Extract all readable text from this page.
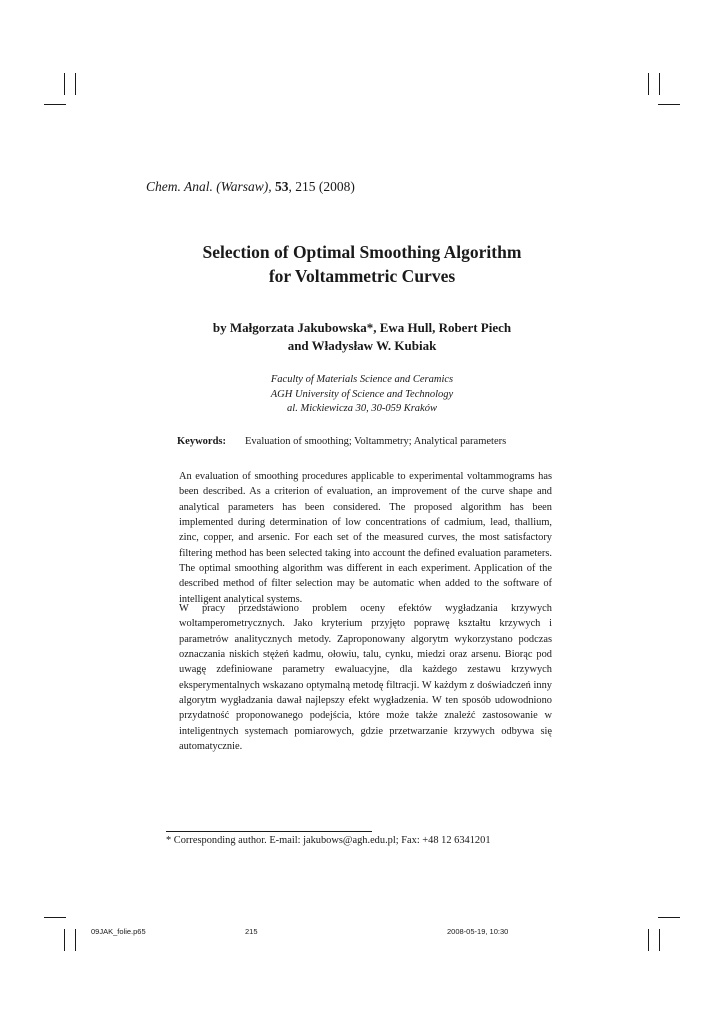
Chem. Anal. (Warsaw), 53, 215 (2008)
Selection of Optimal Smoothing Algorithm
for Voltammetric Curves
by Małgorzata Jakubowska*, Ewa Hull, Robert Piech
and Władysław W. Kubiak
Faculty of Materials Science and Ceramics
AGH University of Science and Technology
al. Mickiewicza 30, 30-059 Kraków
Keywords: Evaluation of smoothing; Voltammetry; Analytical parameters

An evaluation of smoothing procedures applicable to experimental voltammograms has been described. As a criterion of evaluation, an improvement of the curve shape and analytical parameters has been considered. The proposed algorithm has been implemented during determination of low concentrations of cadmium, lead, thallium, zinc, copper, and arsenic. For each set of the measured curves, the most satisfactory filtering method has been selected taking into account the defined evaluation parameters. The optimal smoothing algorithm was different in each experiment. Application of the described method of filter selection may be automatic when added to the software of intelligent analytical systems.

W pracy przedstawiono problem oceny efektów wygładzania krzywych woltamperometrycznych. Jako kryterium przyjęto poprawę kształtu krzywych i parametrów analitycznych metody. Zaproponowany algorytm wykorzystano podczas oznaczania niskich stężeń kadmu, ołowiu, talu, cynku, miedzi oraz arsenu. Biorąc pod uwagę zdefiniowane parametry ewaluacyjne, dla każdego zestawu krzywych eksperymentalnych wskazano optymalną metodę filtracji. W każdym z doświadczeń inny algorytm wygładzania dawał najlepszy efekt wygładzenia. W ten sposób udowodniono przydatność proponowanego podejścia, które może także znaleźć zastosowanie w inteligentnych systemach pomiarowych, gdzie przetwarzanie krzywych odbywa się automatycznie.

* Corresponding author. E-mail: jakubows@agh.edu.pl; Fax: +48 12 6341201
09JAK_folie.p65	215	2008-05-19, 10:30
